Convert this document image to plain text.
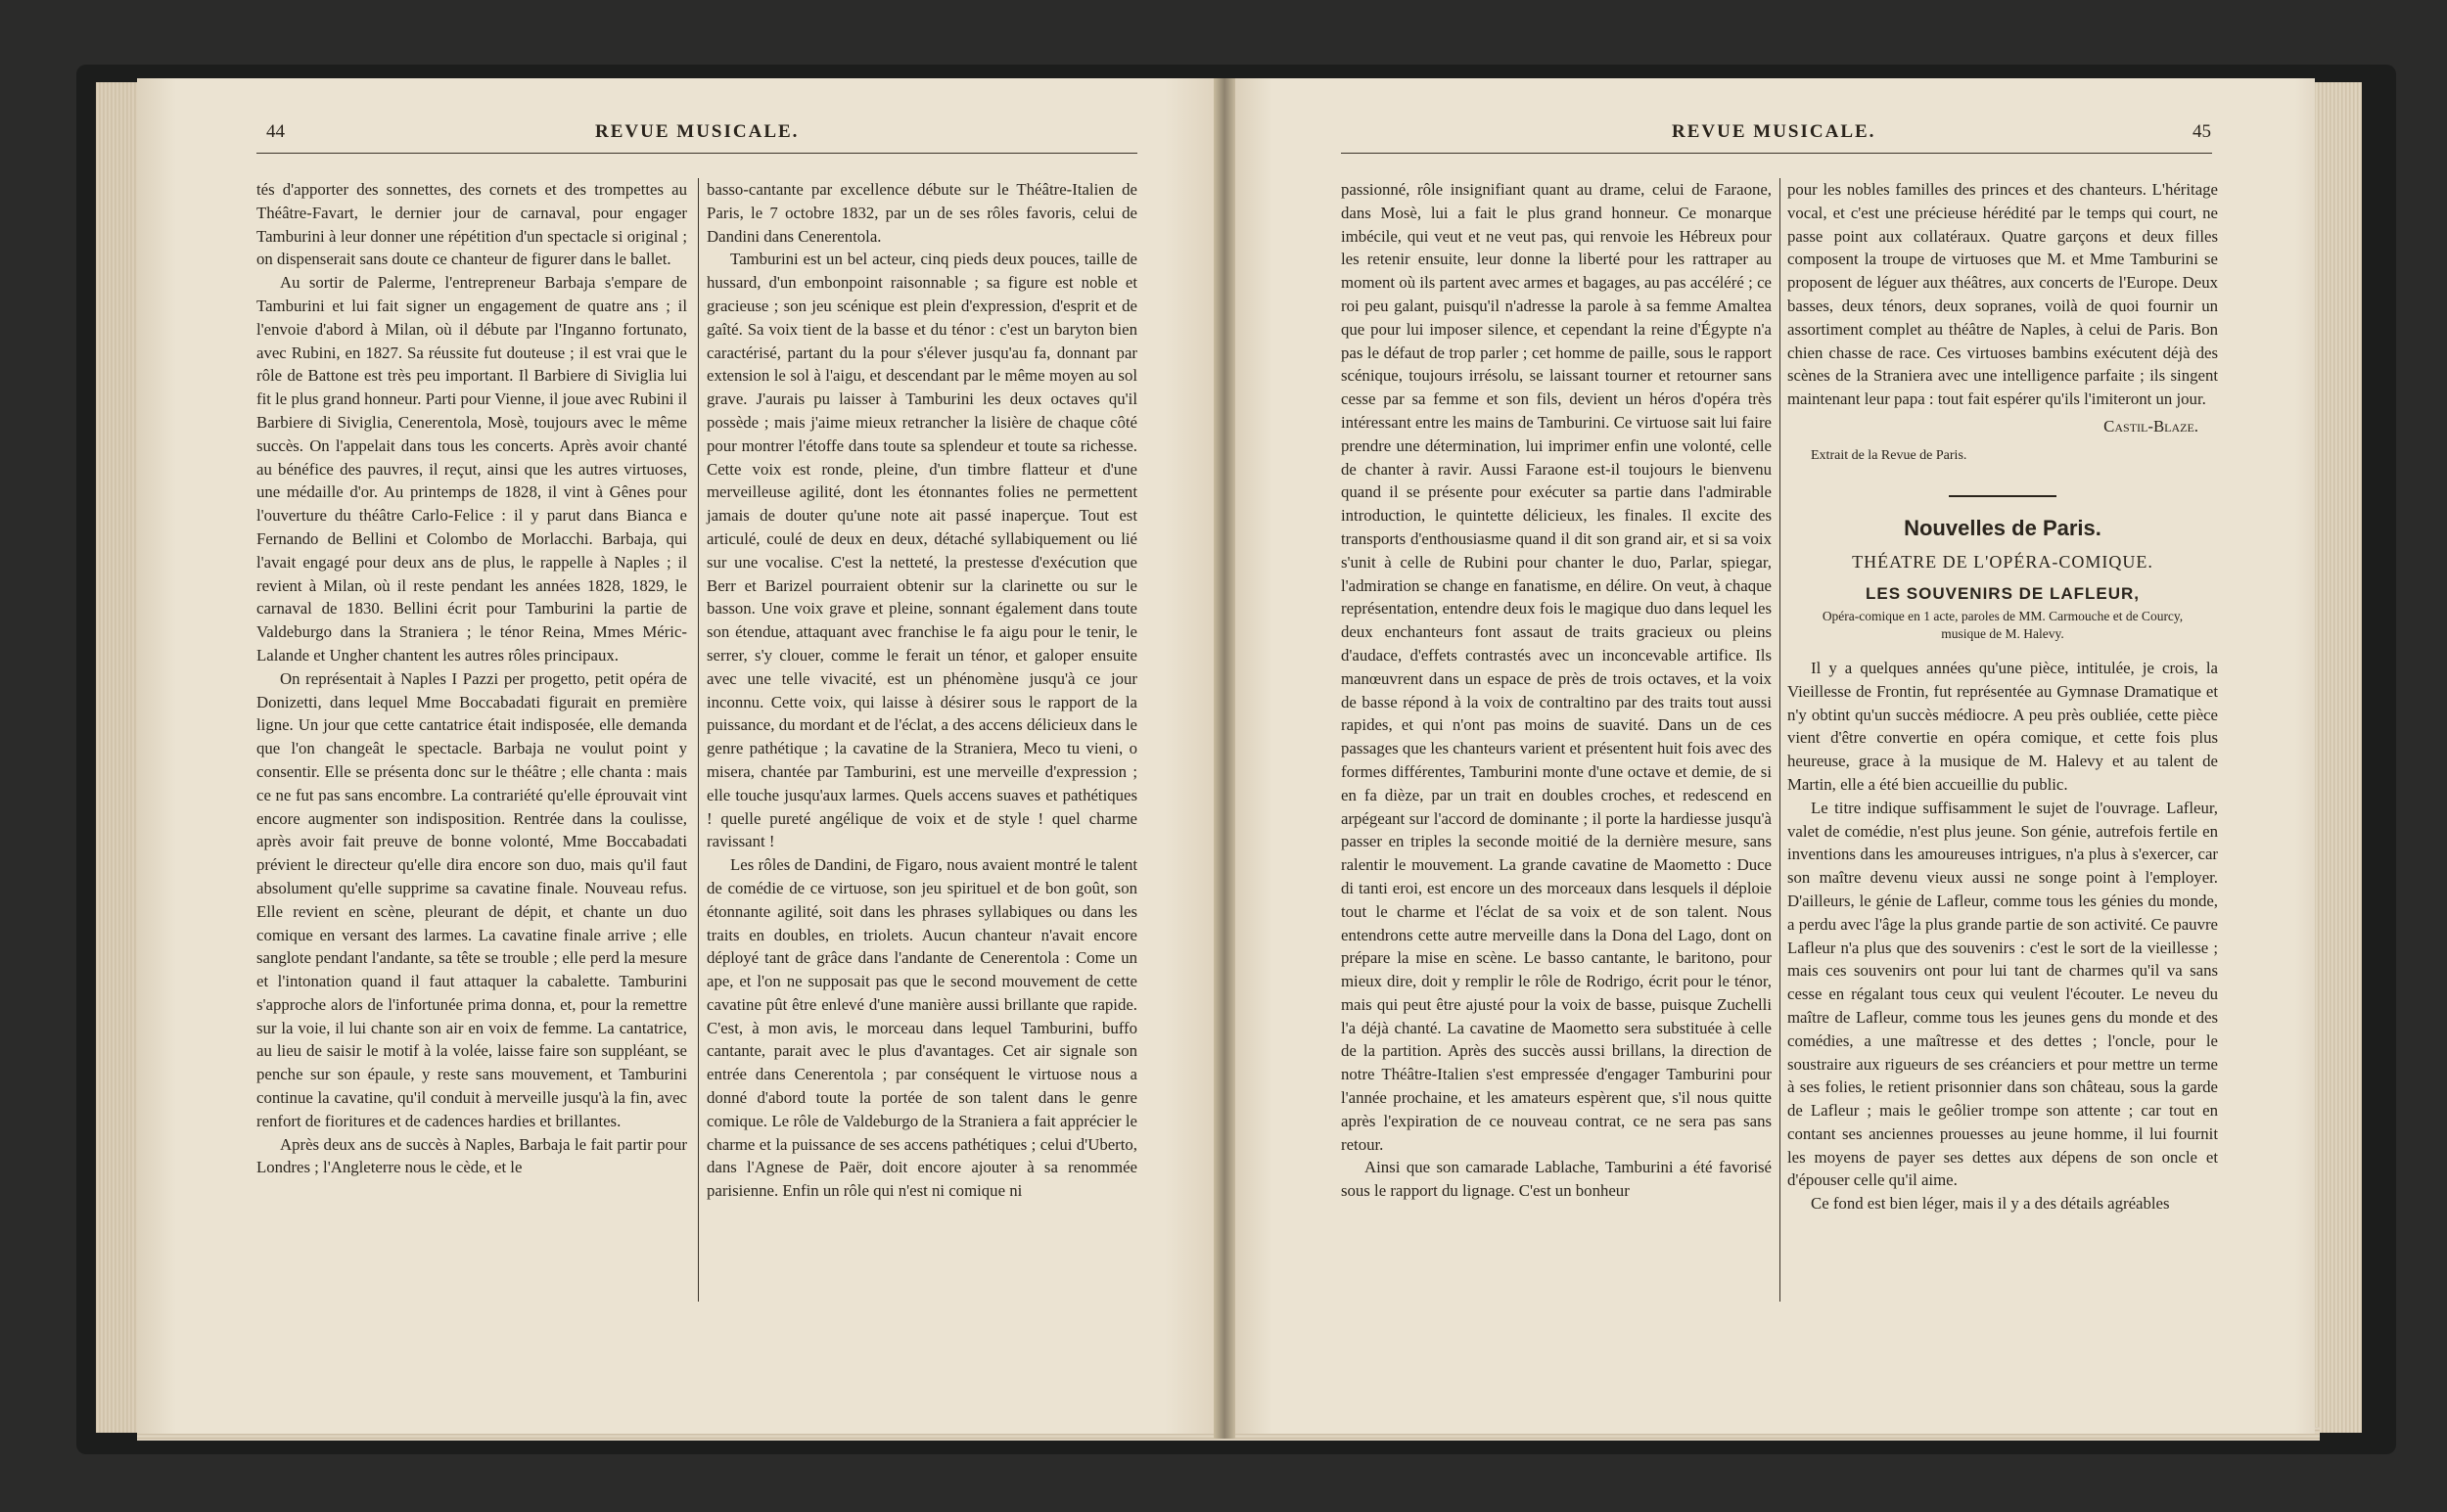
44	REVUE MUSICALE.	REVUE MUSICALE.	45

tés d'apporter des sonnettes, des cornets et des trompettes au Théâtre-Favart, le dernier jour de carnaval, pour engager Tamburini à leur donner une répétition d'un spectacle si original ; on dispenserait sans doute ce chanteur de figurer dans le ballet.

Au sortir de Palerme, l'entrepreneur Barbaja s'empare de Tamburini et lui fait signer un engagement de quatre ans ; il l'envoie d'abord à Milan, où il débute par l'Inganno fortunato, avec Rubini, en 1827. Sa réussite fut douteuse ; il est vrai que le rôle de Battone est très peu important. Il Barbiere di Siviglia lui fit le plus grand honneur. Parti pour Vienne, il joue avec Rubini il Barbiere di Siviglia, Cenerentola, Mosè, toujours avec le même succès. On l'appelait dans tous les concerts. Après avoir chanté au bénéfice des pauvres, il reçut, ainsi que les autres virtuoses, une médaille d'or. Au printemps de 1828, il vint à Gênes pour l'ouverture du théâtre Carlo-Felice : il y parut dans Bianca e Fernando de Bellini et Colombo de Morlacchi. Barbaja, qui l'avait engagé pour deux ans de plus, le rappelle à Naples ; il revient à Milan, où il reste pendant les années 1828, 1829, le carnaval de 1830. Bellini écrit pour Tamburini la partie de Valdeburgo dans la Straniera ; le ténor Reina, Mmes Méric-Lalande et Ungher chantent les autres rôles principaux.

On représentait à Naples I Pazzi per progetto, petit opéra de Donizetti, dans lequel Mme Boccabadati figurait en première ligne. Un jour que cette cantatrice était indisposée, elle demanda que l'on changeât le spectacle. Barbaja ne voulut point y consentir. Elle se présenta donc sur le théâtre ; elle chanta : mais ce ne fut pas sans encombre. La contrariété qu'elle éprouvait vint encore augmenter son indisposition. Rentrée dans la coulisse, après avoir fait preuve de bonne volonté, Mme Boccabadati prévient le directeur qu'elle dira encore son duo, mais qu'il faut absolument qu'elle supprime sa cavatine finale. Nouveau refus. Elle revient en scène, pleurant de dépit, et chante un duo comique en versant des larmes. La cavatine finale arrive ; elle sanglote pendant l'andante, sa tête se trouble ; elle perd la mesure et l'intonation quand il faut attaquer la cabalette. Tamburini s'approche alors de l'infortunée prima donna, et, pour la remettre sur la voie, il lui chante son air en voix de femme. La cantatrice, au lieu de saisir le motif à la volée, laisse faire son suppléant, se penche sur son épaule, y reste sans mouvement, et Tamburini continue la cavatine, qu'il conduit à merveille jusqu'à la fin, avec renfort de fioritures et de cadences hardies et brillantes.

Après deux ans de succès à Naples, Barbaja le fait partir pour Londres ; l'Angleterre nous le cède, et le

basso-cantante par excellence débute sur le Théâtre-Italien de Paris, le 7 octobre 1832, par un de ses rôles favoris, celui de Dandini dans Cenerentola.

Tamburini est un bel acteur, cinq pieds deux pouces, taille de hussard, d'un embonpoint raisonnable ; sa figure est noble et gracieuse ; son jeu scénique est plein d'expression, d'esprit et de gaîté. Sa voix tient de la basse et du ténor : c'est un baryton bien caractérisé, partant du la pour s'élever jusqu'au fa, donnant par extension le sol à l'aigu, et descendant par le même moyen au sol grave. J'aurais pu laisser à Tamburini les deux octaves qu'il possède ; mais j'aime mieux retrancher la lisière de chaque côté pour montrer l'étoffe dans toute sa splendeur et toute sa richesse. Cette voix est ronde, pleine, d'un timbre flatteur et d'une merveilleuse agilité, dont les étonnantes folies ne permettent jamais de douter qu'une note ait passé inaperçue. Tout est articulé, coulé de deux en deux, détaché syllabiquement ou lié sur une vocalise. C'est la netteté, la prestesse d'exécution que Berr et Barizel pourraient obtenir sur la clarinette ou sur le basson. Une voix grave et pleine, sonnant également dans toute son étendue, attaquant avec franchise le fa aigu pour le tenir, le serrer, s'y clouer, comme le ferait un ténor, et galoper ensuite avec une telle vivacité, est un phénomène jusqu'à ce jour inconnu. Cette voix, qui laisse à désirer sous le rapport de la puissance, du mordant et de l'éclat, a des accens délicieux dans le genre pathétique ; la cavatine de la Straniera, Meco tu vieni, o misera, chantée par Tamburini, est une merveille d'expression ; elle touche jusqu'aux larmes. Quels accens suaves et pathétiques ! quelle pureté angélique de voix et de style ! quel charme ravissant !

Les rôles de Dandini, de Figaro, nous avaient montré le talent de comédie de ce virtuose, son jeu spirituel et de bon goût, son étonnante agilité, soit dans les phrases syllabiques ou dans les traits en doubles, en triolets. Aucun chanteur n'avait encore déployé tant de grâce dans l'andante de Cenerentola : Come un ape, et l'on ne supposait pas que le second mouvement de cette cavatine pût être enlevé d'une manière aussi brillante que rapide. C'est, à mon avis, le morceau dans lequel Tamburini, buffo cantante, parait avec le plus d'avantages. Cet air signale son entrée dans Cenerentola ; par conséquent le virtuose nous a donné d'abord toute la portée de son talent dans le genre comique. Le rôle de Valdeburgo de la Straniera a fait apprécier le charme et la puissance de ses accens pathétiques ; celui d'Uberto, dans l'Agnese de Paër, doit encore ajouter à sa renommée parisienne. Enfin un rôle qui n'est ni comique ni

passionné, rôle insignifiant quant au drame, celui de Faraone, dans Mosè, lui a fait le plus grand honneur. Ce monarque imbécile, qui veut et ne veut pas, qui renvoie les Hébreux pour les retenir ensuite, leur donne la liberté pour les rattraper au moment où ils partent avec armes et bagages, au pas accéléré ; ce roi peu galant, puisqu'il n'adresse la parole à sa femme Amaltea que pour lui imposer silence, et cependant la reine d'Égypte n'a pas le défaut de trop parler ; cet homme de paille, sous le rapport scénique, toujours irrésolu, se laissant tourner et retourner sans cesse par sa femme et son fils, devient un héros d'opéra très intéressant entre les mains de Tamburini. Ce virtuose sait lui faire prendre une détermination, lui imprimer enfin une volonté, celle de chanter à ravir. Aussi Faraone est-il toujours le bienvenu quand il se présente pour exécuter sa partie dans l'admirable introduction, le quintette délicieux, les finales. Il excite des transports d'enthousiasme quand il dit son grand air, et si sa voix s'unit à celle de Rubini pour chanter le duo, Parlar, spiegar, l'admiration se change en fanatisme, en délire. On veut, à chaque représentation, entendre deux fois le magique duo dans lequel les deux enchanteurs font assaut de traits gracieux ou pleins d'audace, d'effets contrastés avec un inconcevable artifice. Ils manœuvrent dans un espace de près de trois octaves, et la voix de basse répond à la voix de contraltino par des traits tout aussi rapides, et qui n'ont pas moins de suavité. Dans un de ces passages que les chanteurs varient et présentent huit fois avec des formes différentes, Tamburini monte d'une octave et demie, de si en fa dièze, par un trait en doubles croches, et redescend en arpégeant sur l'accord de dominante ; il porte la hardiesse jusqu'à passer en triples la seconde moitié de la dernière mesure, sans ralentir le mouvement. La grande cavatine de Maometto : Duce di tanti eroi, est encore un des morceaux dans lesquels il déploie tout le charme et l'éclat de sa voix et de son talent. Nous entendrons cette autre merveille dans la Dona del Lago, dont on prépare la mise en scène. Le basso cantante, le baritono, pour mieux dire, doit y remplir le rôle de Rodrigo, écrit pour le ténor, mais qui peut être ajusté pour la voix de basse, puisque Zuchelli l'a déjà chanté. La cavatine de Maometto sera substituée à celle de la partition. Après des succès aussi brillans, la direction de notre Théâtre-Italien s'est empressée d'engager Tamburini pour l'année prochaine, et les amateurs espèrent que, s'il nous quitte après l'expiration de ce nouveau contrat, ce ne sera pas sans retour.

Ainsi que son camarade Lablache, Tamburini a été favorisé sous le rapport du lignage. C'est un bonheur

pour les nobles familles des princes et des chanteurs. L'héritage vocal, et c'est une précieuse hérédité par le temps qui court, ne passe point aux collatéraux. Quatre garçons et deux filles composent la troupe de virtuoses que M. et Mme Tamburini se proposent de léguer aux théâtres, aux concerts de l'Europe. Deux basses, deux ténors, deux sopranes, voilà de quoi fournir un assortiment complet au théâtre de Naples, à celui de Paris. Bon chien chasse de race. Ces virtuoses bambins exécutent déjà des scènes de la Straniera avec une intelligence parfaite ; ils singent maintenant leur papa : tout fait espérer qu'ils l'imiteront un jour.

Castil-Blaze.

Extrait de la Revue de Paris.

Nouvelles de Paris.

THÉATRE DE L'OPÉRA-COMIQUE.

LES SOUVENIRS DE LAFLEUR,

Opéra-comique en 1 acte, paroles de MM. Carmouche et de Courcy,
musique de M. Halevy.

Il y a quelques années qu'une pièce, intitulée, je crois, la Vieillesse de Frontin, fut représentée au Gymnase Dramatique et n'y obtint qu'un succès médiocre. A peu près oubliée, cette pièce vient d'être convertie en opéra comique, et cette fois plus heureuse, grace à la musique de M. Halevy et au talent de Martin, elle a été bien accueillie du public.

Le titre indique suffisamment le sujet de l'ouvrage. Lafleur, valet de comédie, n'est plus jeune. Son génie, autrefois fertile en inventions dans les amoureuses intrigues, n'a plus à s'exercer, car son maître devenu vieux aussi ne songe point à l'employer. D'ailleurs, le génie de Lafleur, comme tous les génies du monde, a perdu avec l'âge la plus grande partie de son activité. Ce pauvre Lafleur n'a plus que des souvenirs : c'est le sort de la vieillesse ; mais ces souvenirs ont pour lui tant de charmes qu'il va sans cesse en régalant tous ceux qui veulent l'écouter. Le neveu du maître de Lafleur, comme tous les jeunes gens du monde et des comédies, a une maîtresse et des dettes ; l'oncle, pour le soustraire aux rigueurs de ses créanciers et pour mettre un terme à ses folies, le retient prisonnier dans son château, sous la garde de Lafleur ; mais le geôlier trompe son attente ; car tout en contant ses anciennes prouesses au jeune homme, il lui fournit les moyens de payer ses dettes aux dépens de son oncle et d'épouser celle qu'il aime.

Ce fond est bien léger, mais il y a des détails agréables
